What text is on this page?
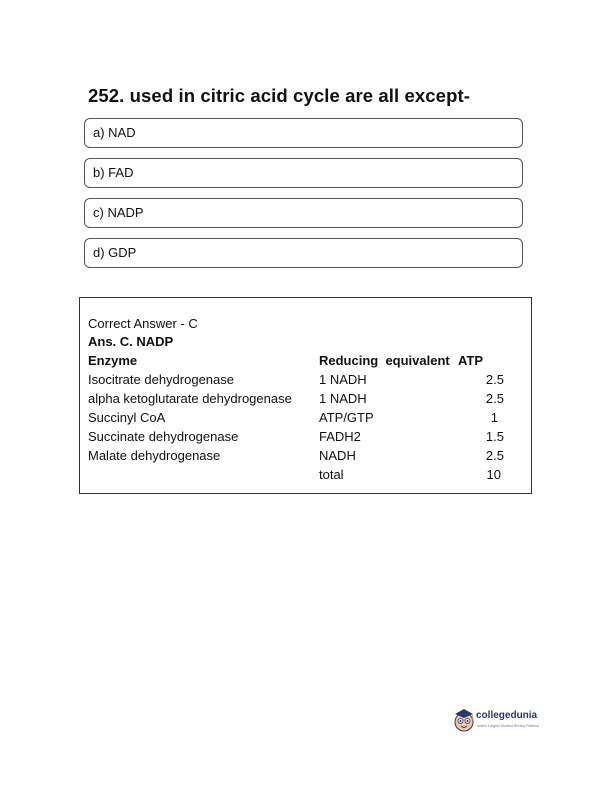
252. used in citric acid cycle are all except-
a) NAD
b) FAD
c) NADP
d) GDP
Correct Answer - C
Ans. C. NADP
Enzyme	Reducing  equivalent	ATP
Isocitrate dehydrogenase	1 NADH	2.5
alpha ketoglutarate dehydrogenase	1 NADH	2.5
Succinyl CoA	ATP/GTP	1
Succinate dehydrogenase	FADH2	1.5
Malate dehydrogenase	NADH	2.5
	total	10
collegedunia
India's Largest Student Review Platform
